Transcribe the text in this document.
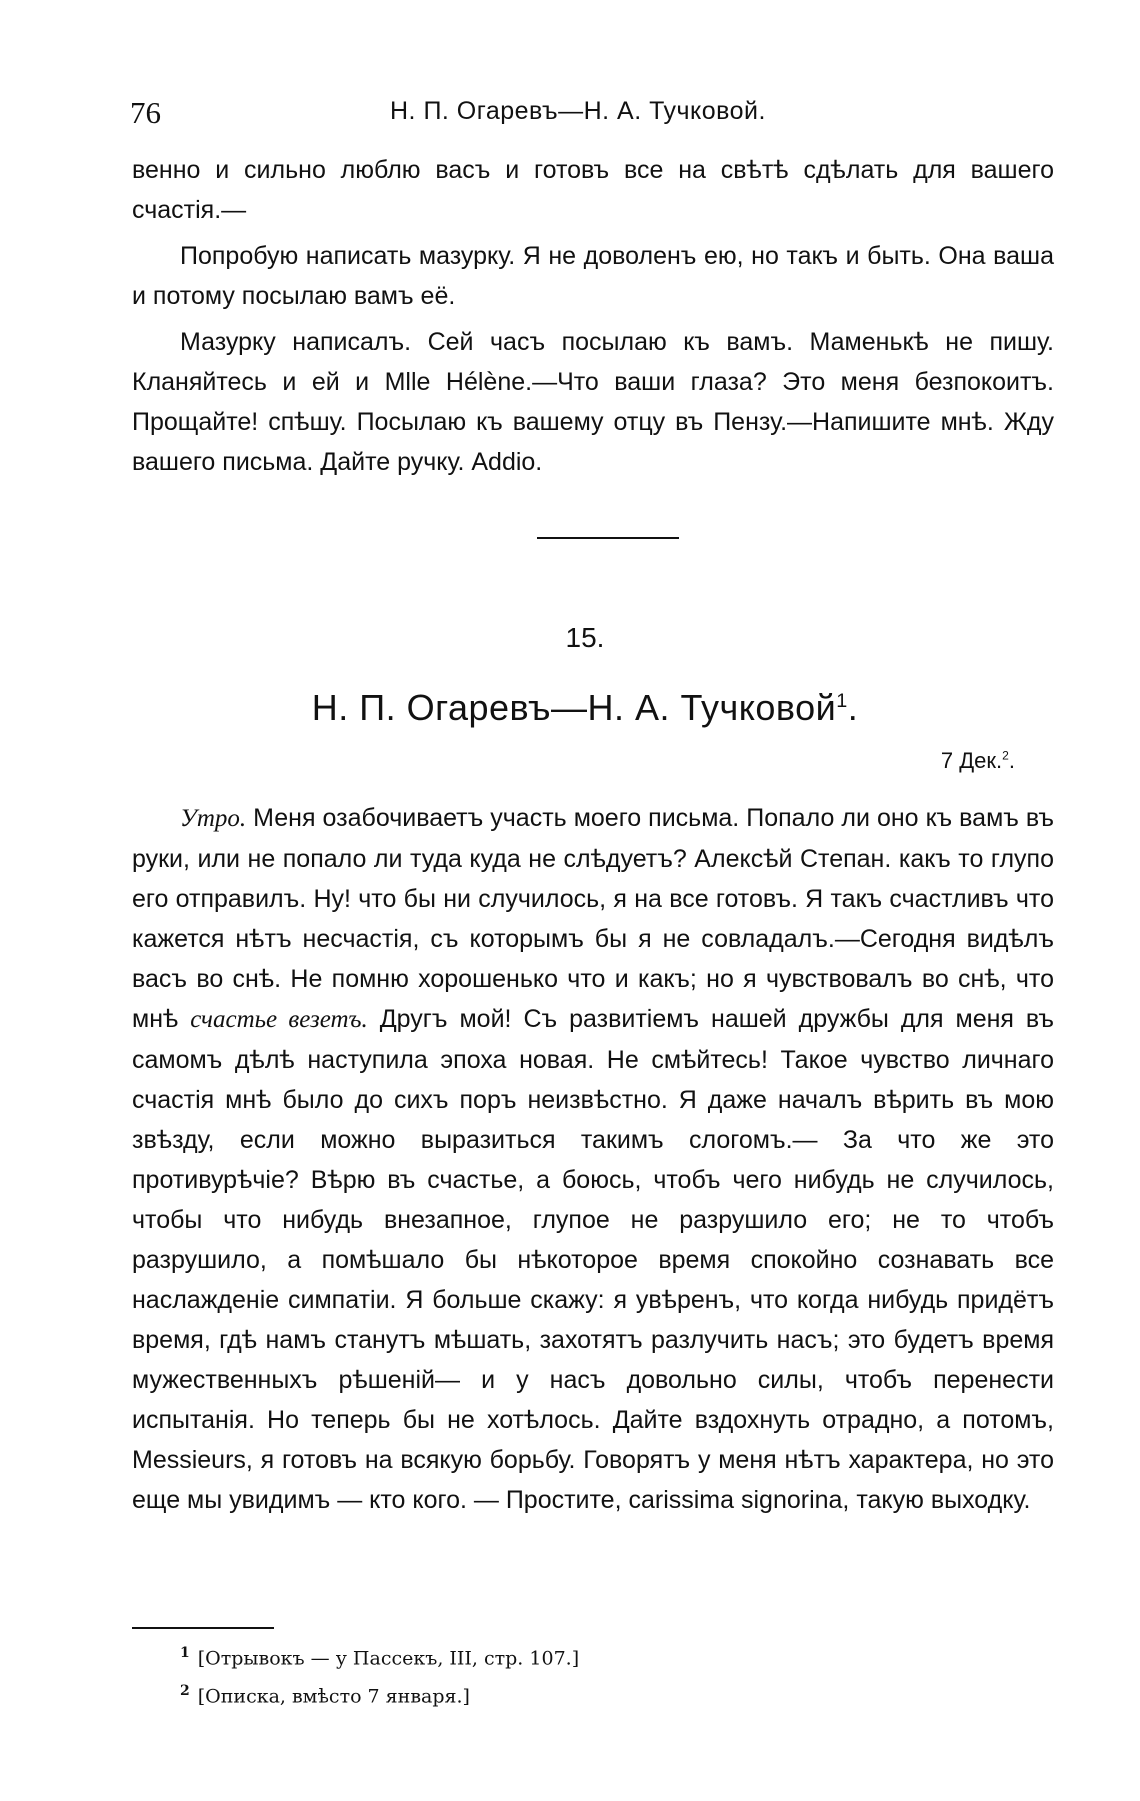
76	Н. П. Огаревъ—Н. А. Тучковой.

венно и сильно люблю васъ и готовъ все на свѣтѣ сдѣлать для вашего счастія.—

Попробую написать мазурку. Я не доволенъ ею, но такъ и быть. Она ваша и потому посылаю вамъ её.

Мазурку написалъ. Сей часъ посылаю къ вамъ. Маменькѣ не пишу. Кланяйтесь и ей и Mlle Hélène.—Что ваши глаза? Это меня безпокоитъ. Прощайте! спѣшу. Посылаю къ вашему отцу въ Пензу.—Напишите мнѣ. Жду вашего письма. Дайте ручку. Addio.

15.
Н. П. Огаревъ—Н. А. Тучковой$^1$.
7 Дек.$^2$.

Утро. Меня озабочиваетъ участь моего письма. Попало ли оно къ вамъ въ руки, или не попало ли туда куда не слѣдуетъ? Алексѣй Степан. какъ то глупо его отправилъ. Ну! что бы ни случилось, я на все готовъ. Я такъ счастливъ что кажется нѣтъ несчастія, съ которымъ бы я не совладалъ.—Сегодня видѣлъ васъ во снѣ. Не помню хорошенько что и какъ; но я чувствовалъ во снѣ, что мнѣ счастье везетъ. Другъ мой! Съ развитіемъ нашей дружбы для меня въ самомъ дѣлѣ наступила эпоха новая. Не смѣйтесь! Такое чувство личнаго счастія мнѣ было до сихъ поръ неизвѣстно. Я даже началъ вѣрить въ мою звѣзду, если можно выразиться такимъ слогомъ.— За что же это противурѣчіе? Вѣрю въ счастье, а боюсь, чтобъ чего нибудь не случилось, чтобы что нибудь внезапное, глупое не разрушило его; не то чтобъ разрушило, а помѣшало бы нѣкоторое время спокойно сознавать все наслажденіе симпатіи. Я больше скажу: я увѣренъ, что когда нибудь придётъ время, гдѣ намъ станутъ мѣшать, захотятъ разлучить насъ; это будетъ время мужественныхъ рѣшеній— и у насъ довольно силы, чтобъ перенести испытанія. Но теперь бы не хотѣлось. Дайте вздохнуть отрадно, а потомъ, Messieurs, я готовъ на всякую борьбу. Говорятъ у меня нѣтъ характера, но это еще мы увидимъ — кто кого. — Простите, carissima signorina, такую выходку.

$^1$ [Отрывокъ — у Пассекъ, III, стр. 107.]
$^2$ [Описка, вмѣсто 7 января.]
